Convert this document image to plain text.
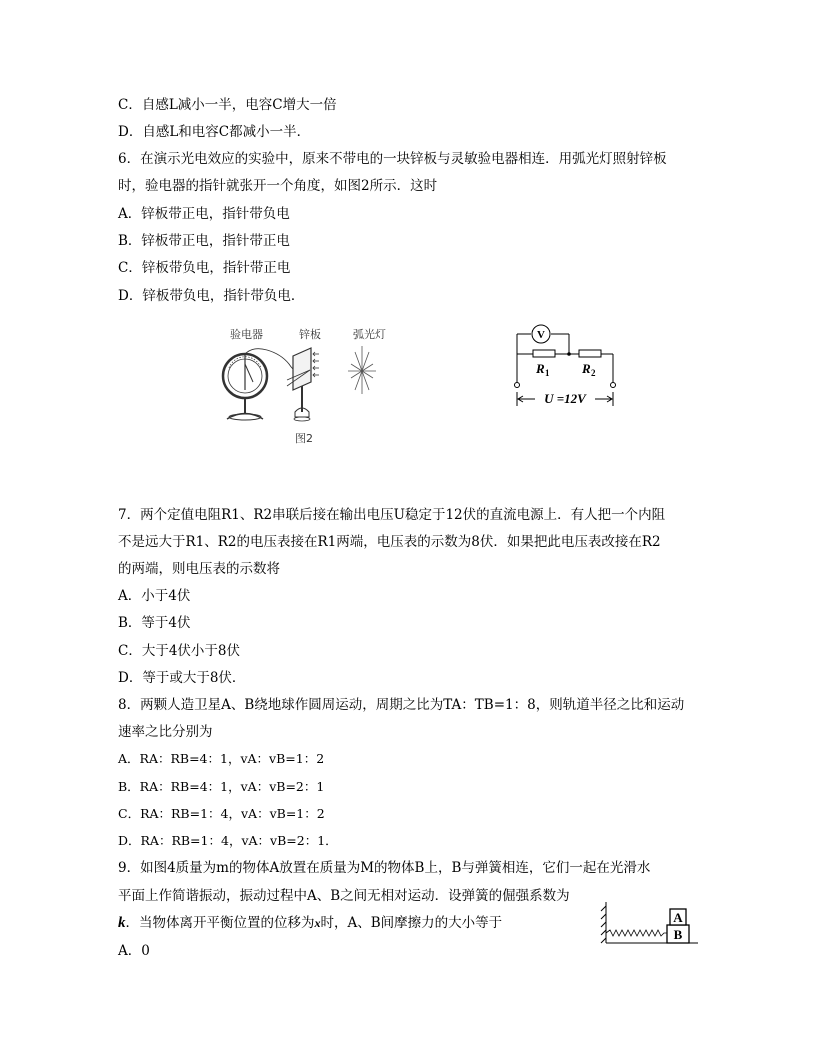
C．自感L减小一半，电容C增大一倍
D．自感L和电容C都减小一半．
6．在演示光电效应的实验中，原来不带电的一块锌板与灵敏验电器相连．用弧光灯照射锌板
时，验电器的指针就张开一个角度，如图2所示．这时
A．锌板带正电，指针带负电
B．锌板带正电，指针带正电
C．锌板带负电，指针带正电
D．锌板带负电，指针带负电．
验电器	锌板	弧光灯
图2
V
R 1	R 2
U =12V
7．两个定值电阻R1、R2串联后接在输出电压U稳定于12伏的直流电源上．有人把一个内阻
不是远大于R1、R2的电压表接在R1两端，电压表的示数为8伏．如果把此电压表改接在R2
的两端，则电压表的示数将
A．小于4伏
B．等于4伏
C．大于4伏小于8伏
D．等于或大于8伏．
8．两颗人造卫星A、B绕地球作圆周运动，周期之比为TA：TB=1：8，则轨道半径之比和运动
速率之比分别为
A．RA：RB=4：1，vA：vB=1：2
B．RA：RB=4：1，vA：vB=2：1
C．RA：RB=1：4，vA：vB=1：2
D．RA：RB=1：4，vA：vB=2：1．
9．如图4质量为m的物体A放置在质量为M的物体B上，B与弹簧相连，它们一起在光滑水
平面上作简谐振动，振动过程中A、B之间无相对运动．设弹簧的倔强系数为
k．当物体离开平衡位置的位移为x时，A、B间摩擦力的大小等于
A．0
A
B
